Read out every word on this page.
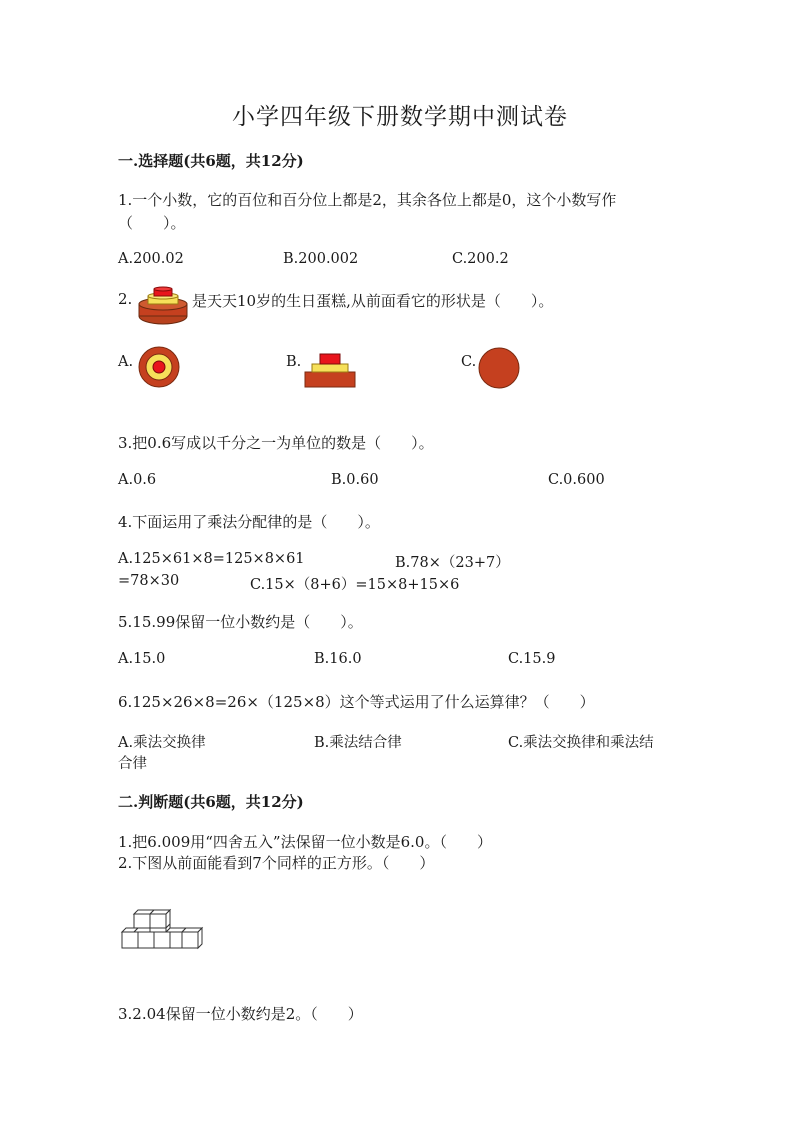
小学四年级下册数学期中测试卷
一.选择题(共6题，共12分)
1.一个小数，它的百位和百分位上都是2，其余各位上都是0，这个小数写作
（　　）。
A.200.02	B.200.002	C.200.2
2.	是天天10岁的生日蛋糕,从前面看它的形状是（　　）。
A.	B.	C.
3.把0.6写成以千分之一为单位的数是（　　）。
A.0.6	B.0.60	C.0.600
4.下面运用了乘法分配律的是（　　）。
A.125×61×8=125×8×61	B.78×（23+7）
=78×30	C.15×（8+6）=15×8+15×6
5.15.99保留一位小数约是（　　）。
A.15.0	B.16.0	C.15.9
6.125×26×8=26×（125×8）这个等式运用了什么运算律？（　　）
A.乘法交换律	B.乘法结合律	C.乘法交换律和乘法结
合律
二.判断题(共6题，共12分)
1.把6.009用“四舍五入”法保留一位小数是6.0。（　　）
2.下图从前面能看到7个同样的正方形。（　　）
3.2.04保留一位小数约是2。（　　）
